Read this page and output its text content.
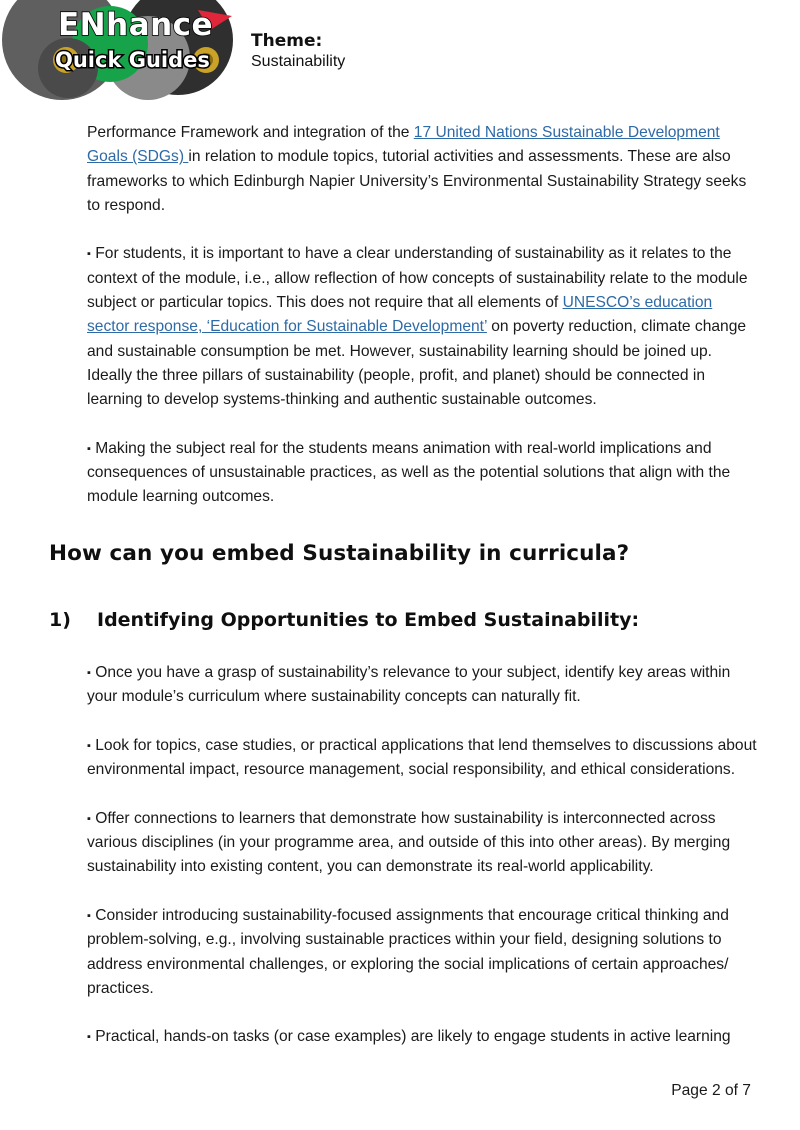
ENhance
Quick Guides
Theme:
Sustainability

Performance Framework and integration of the 17 United Nations Sustainable Development Goals (SDGs) in relation to module topics, tutorial activities and assessments. These are also frameworks to which Edinburgh Napier University’s Environmental Sustainability Strategy seeks to respond.

▪ For students, it is important to have a clear understanding of sustainability as it relates to the context of the module, i.e., allow reflection of how concepts of sustainability relate to the module subject or particular topics. This does not require that all elements of UNESCO’s education sector response, ‘Education for Sustainable Development’ on poverty reduction, climate change and sustainable consumption be met. However, sustainability learning should be joined up. Ideally the three pillars of sustainability (people, profit, and planet) should be connected in learning to develop systems-thinking and authentic sustainable outcomes.

▪ Making the subject real for the students means animation with real-world implications and consequences of unsustainable practices, as well as the potential solutions that align with the module learning outcomes.

How can you embed Sustainability in curricula?
1) Identifying Opportunities to Embed Sustainability:

▪ Once you have a grasp of sustainability’s relevance to your subject, identify key areas within your module’s curriculum where sustainability concepts can naturally fit.

▪ Look for topics, case studies, or practical applications that lend themselves to discussions about environmental impact, resource management, social responsibility, and ethical considerations.

▪ Offer connections to learners that demonstrate how sustainability is interconnected across various disciplines (in your programme area, and outside of this into other areas). By merging sustainability into existing content, you can demonstrate its real-world applicability.

▪ Consider introducing sustainability-focused assignments that encourage critical thinking and problem-solving, e.g., involving sustainable practices within your field, designing solutions to address environmental challenges, or exploring the social implications of certain approaches/ practices.

▪ Practical, hands-on tasks (or case examples) are likely to engage students in active learning

Page 2 of 7
